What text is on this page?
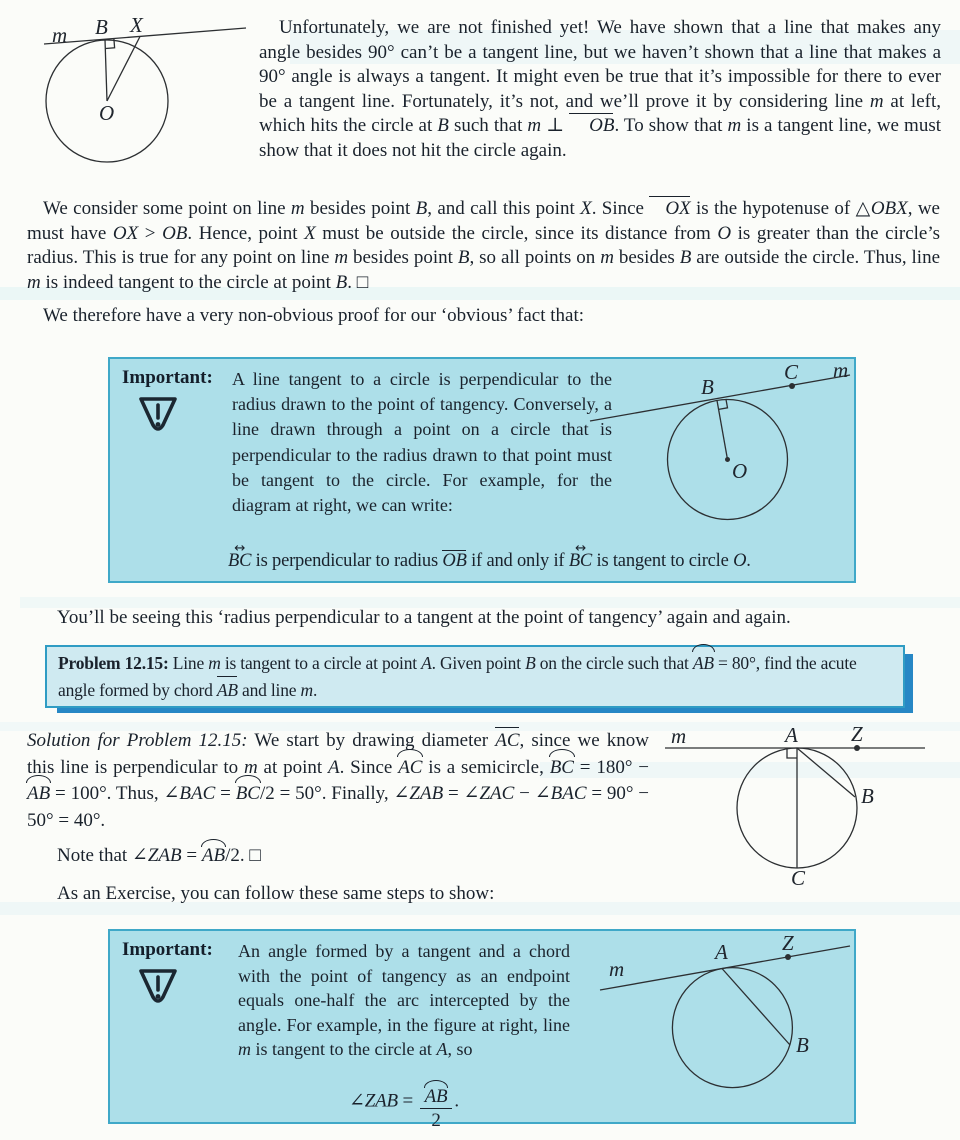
m B X
O
Unfortunately, we are not finished yet! We have shown that a line that makes any angle besides 90° can’t be a tangent line, but we haven’t shown that a line that makes a 90° angle is always a tangent. It might even be true that it’s impossible for there to ever be a tangent line. Fortunately, it’s not, and we’ll prove it by considering line m at left, which hits the circle at B such that m ⊥ OB. To show that m is a tangent line, we must show that it does not hit the circle again.
We consider some point on line m besides point B, and call this point X. Since OX is the hypotenuse of △OBX, we must have OX > OB. Hence, point X must be outside the circle, since its distance from O is greater than the circle’s radius. This is true for any point on line m besides point B, so all points on m besides B are outside the circle. Thus, line m is indeed tangent to the circle at point B. □
We therefore have a very non-obvious proof for our ‘obvious’ fact that:
Important: A line tangent to a circle is perpendicular to the radius drawn to the point of tangency. Conversely, a line drawn through a point on a circle that is perpendicular to the radius drawn to that point must be tangent to the circle. For example, for the diagram at right, we can write:
↔ BC is perpendicular to radius OB if and only if ↔ BC is tangent to circle O.
B
C m
O
You’ll be seeing this ‘radius perpendicular to a tangent at the point of tangency’ again and again.
Problem 12.15: Line m is tangent to a circle at point A. Given point B on the circle such that AB = 80°, find the acute angle formed by chord AB and line m.
Solution for Problem 12.15: We start by drawing diameter AC, since we know this line is perpendicular to m at point A. Since AC is a semicircle, BC = 180° − AB = 100°. Thus, ∠BAC = BC/2 = 50°. Finally, ∠ZAB = ∠ZAC − ∠BAC = 90° − 50° = 40°.
m	A	Z
B
C
Note that ∠ZAB = AB/2. □
As an Exercise, you can follow these same steps to show:
Important: An angle formed by a tangent and a chord with the point of tangency as an endpoint equals one-half the arc intercepted by the angle. For example, in the figure at right, line m is tangent to the circle at A, so
∠ZAB = $\frac{AB}{2}$ .
m
A	Z
B
